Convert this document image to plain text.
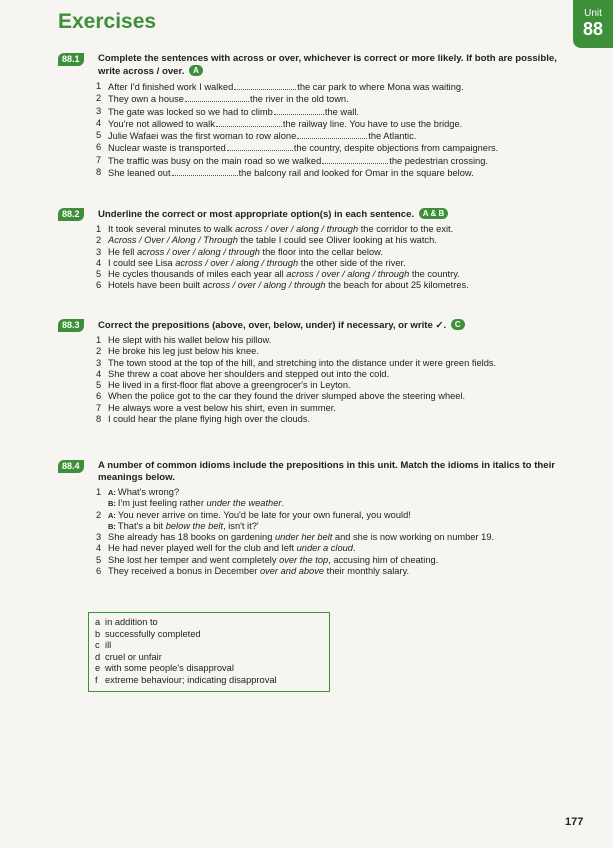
Exercises	Unit
88
88.1	Complete the sentences with across or over, whichever is correct or more likely. If both are possible, write across / over. A
1 After I'd finished work I walked	the car park to where Mona was waiting.
2 They own a house	the river in the old town.
3 The gate was locked so we had to climb	the wall.
4 You're not allowed to walk	the railway line. You have to use the bridge.
5 Julie Wafaei was the first woman to row alone	the Atlantic.
6 Nuclear waste is transported	the country, despite objections from campaigners.
7 The traffic was busy on the main road so we walked	the pedestrian crossing.
8 She leaned out	the balcony rail and looked for Omar in the square below.
88.2	Underline the correct or most appropriate option(s) in each sentence. A & B
1 It took several minutes to walk across / over / along / through the corridor to the exit.
2 Across / Over / Along / Through the table I could see Oliver looking at his watch.
3 He fell across / over / along / through the floor into the cellar below.
4 I could see Lisa across / over / along / through the other side of the river.
5 He cycles thousands of miles each year all across / over / along / through the country.
6 Hotels have been built across / over / along / through the beach for about 25 kilometres.
88.3	Correct the prepositions (above, over, below, under) if necessary, or write ✓. C
1 He slept with his wallet below his pillow.
2 He broke his leg just below his knee.
3 The town stood at the top of the hill, and stretching into the distance under it were green fields.
4 She threw a coat above her shoulders and stepped out into the cold.
5 He lived in a first-floor flat above a greengrocer's in Leyton.
6 When the police got to the car they found the driver slumped above the steering wheel.
7 He always wore a vest below his shirt, even in summer.
8 I could hear the plane flying high over the clouds.
88.4	A number of common idioms include the prepositions in this unit. Match the idioms in italics to their meanings below.
1 A: What's wrong?
B: I'm just feeling rather under the weather.
2 A: You never arrive on time. You'd be late for your own funeral, you would!
B: That's a bit below the belt, isn't it?'
3 She already has 18 books on gardening under her belt and she is now working on number 19.
4 He had never played well for the club and left under a cloud.
5 She lost her temper and went completely over the top, accusing him of cheating.
6 They received a bonus in December over and above their monthly salary.
a in addition to
b successfully completed
c ill
d cruel or unfair
e with some people's disapproval
f extreme behaviour; indicating disapproval
177
